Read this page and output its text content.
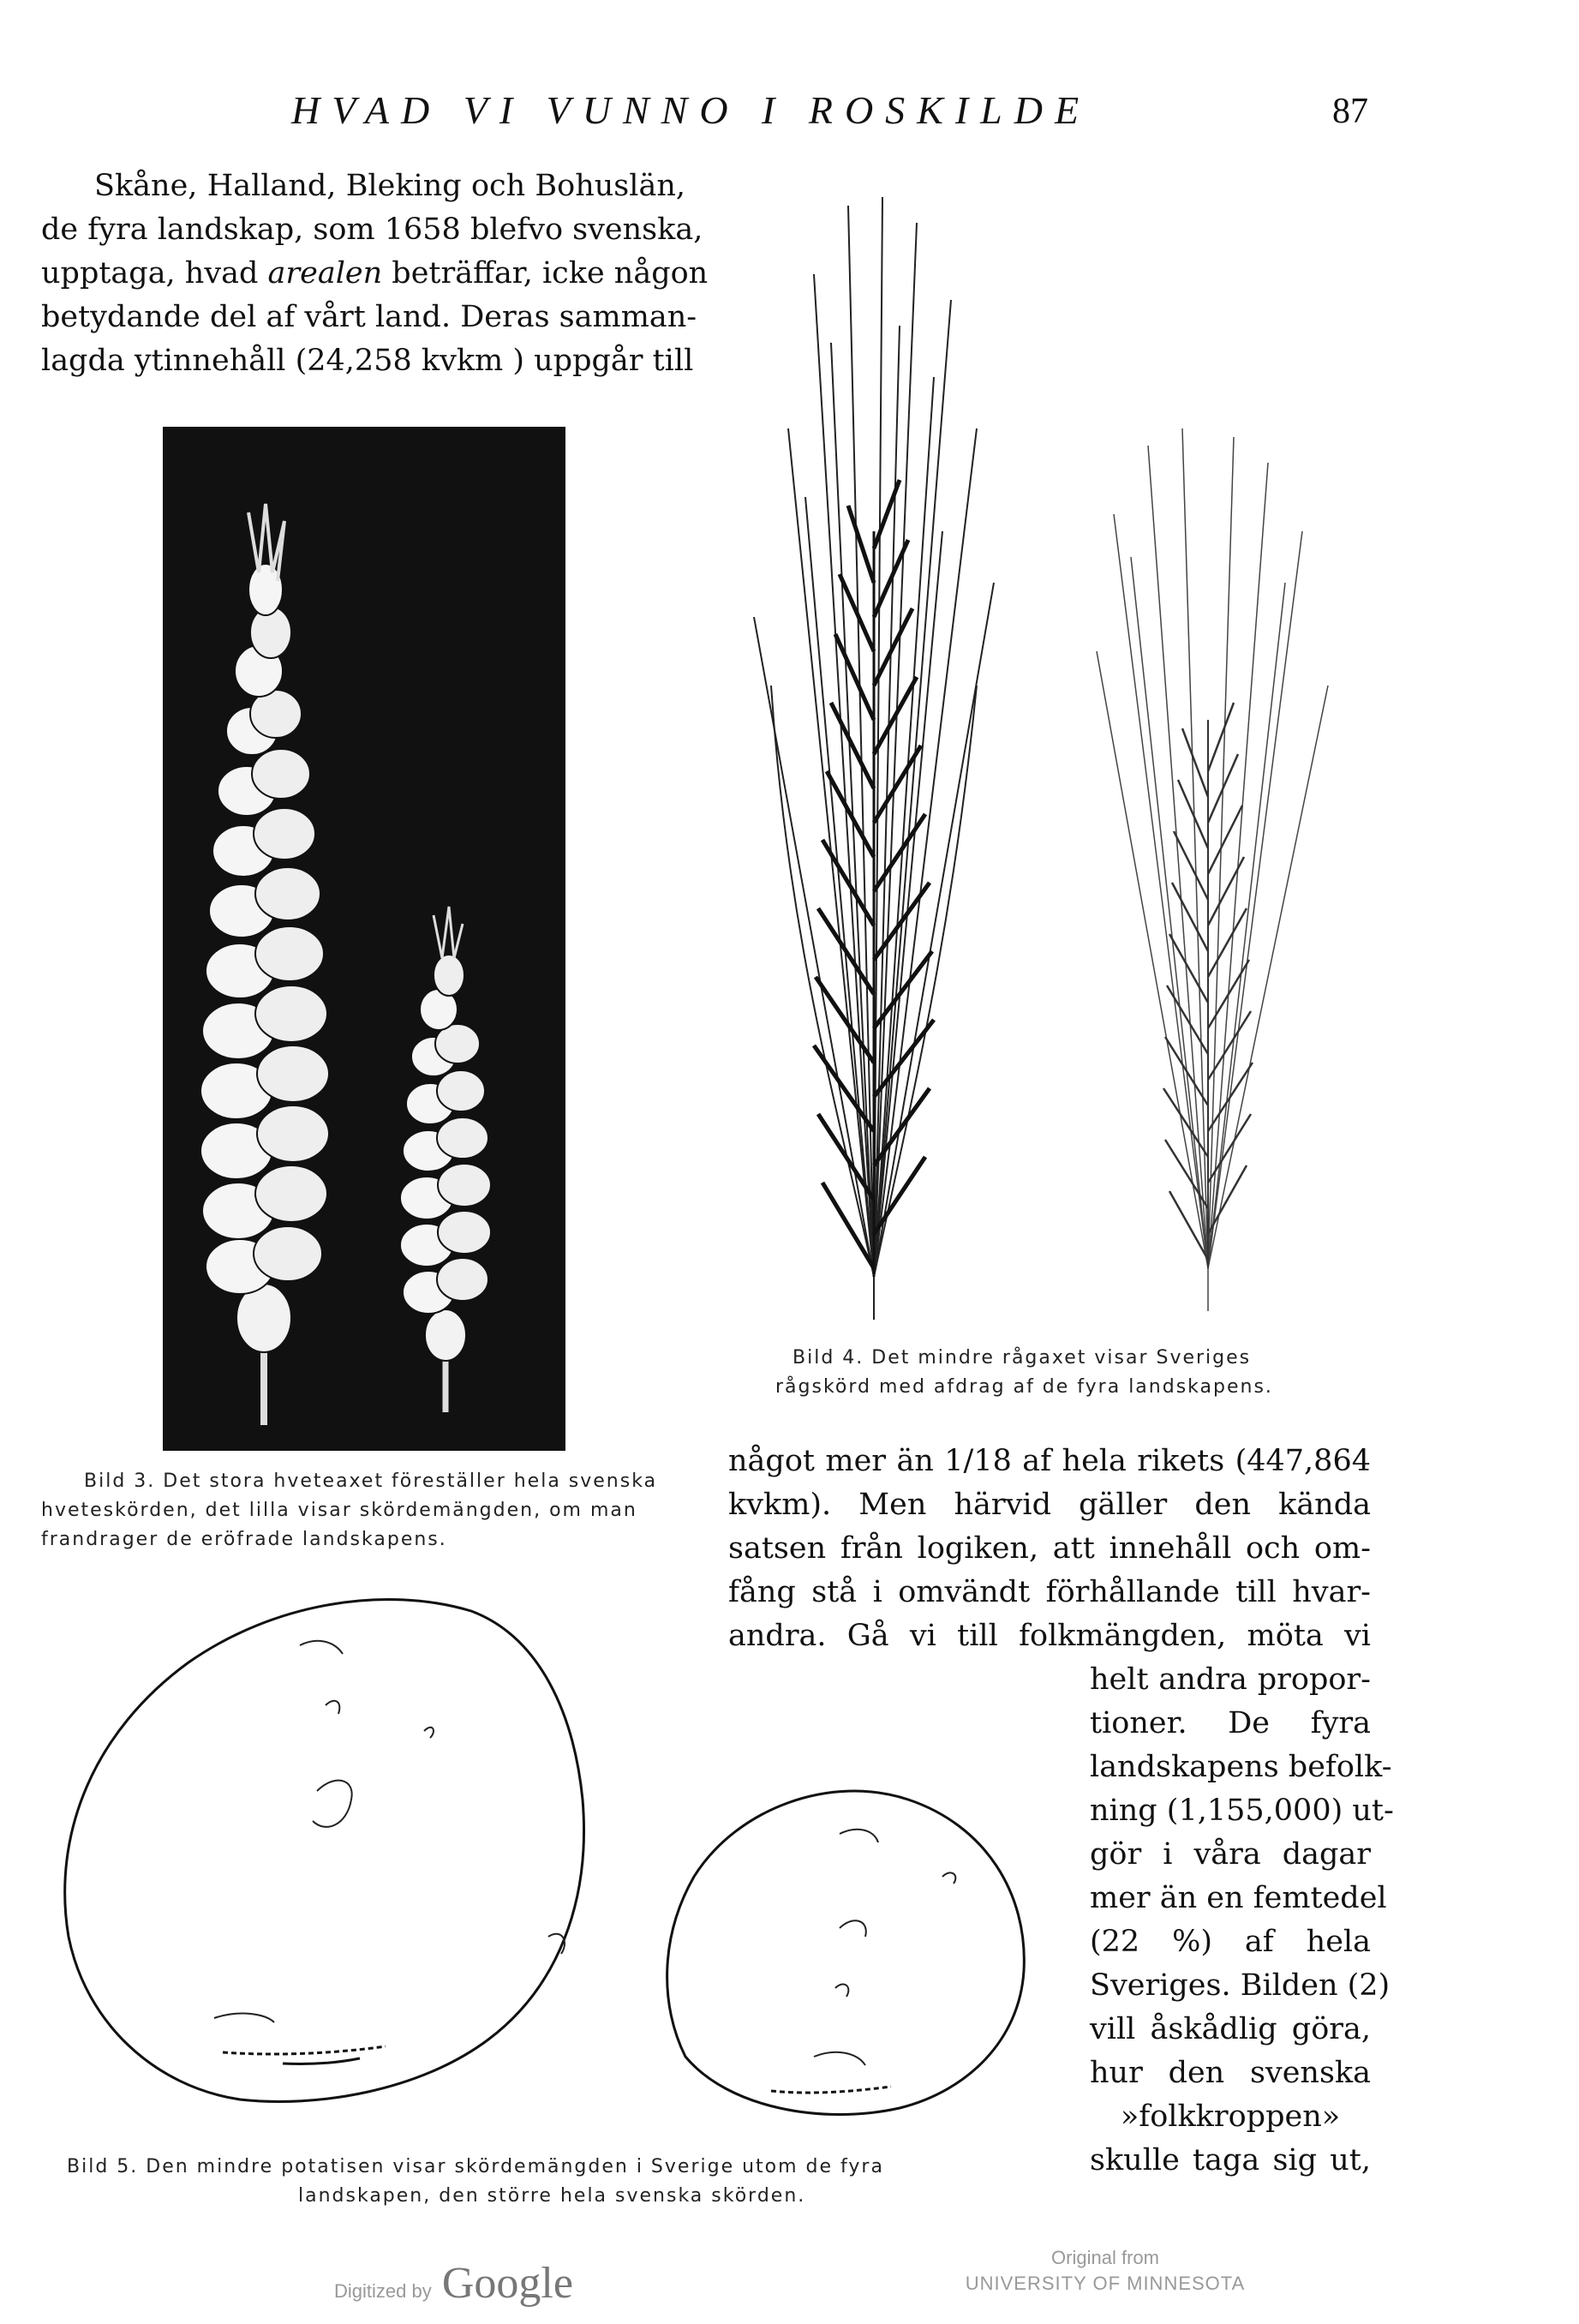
HVAD VI VUNNO I ROSKILDE	87
Skåne, Halland, Bleking och Bohuslän,
de fyra landskap, som 1658 blefvo svenska,
upptaga, hvad arealen beträffar, icke någon
betydande del af vårt land. Deras samman-
lagda ytinnehåll (24,258 kvkm ) uppgår till
Bild 4. Det mindre rågaxet visar Sveriges
rågskörd med afdrag af de fyra landskapens.
Bild 3. Det stora hveteaxet föreställer hela svenska
hveteskörden, det lilla visar skördemängden, om man
frandrager de eröfrade landskapens.
något mer än 1/18 af hela rikets (447,864
kvkm). Men härvid gäller den kända
satsen från logiken, att innehåll och om-
fång stå i omvändt förhållande till hvar-
andra. Gå vi till folkmängden, möta vi
helt andra propor-
tioner. De fyra
landskapens befolk-
ning (1,155,000) ut-
gör i våra dagar
mer än en femtedel
(22 %) af hela
Sveriges. Bilden (2)
vill åskådlig göra,
hur den svenska
»folkkroppen»
skulle taga sig ut,
Bild 5. Den mindre potatisen visar skördemängden i Sverige utom de fyra
landskapen, den större hela svenska skörden.
Digitized by Google
Original from
UNIVERSITY OF MINNESOTA
